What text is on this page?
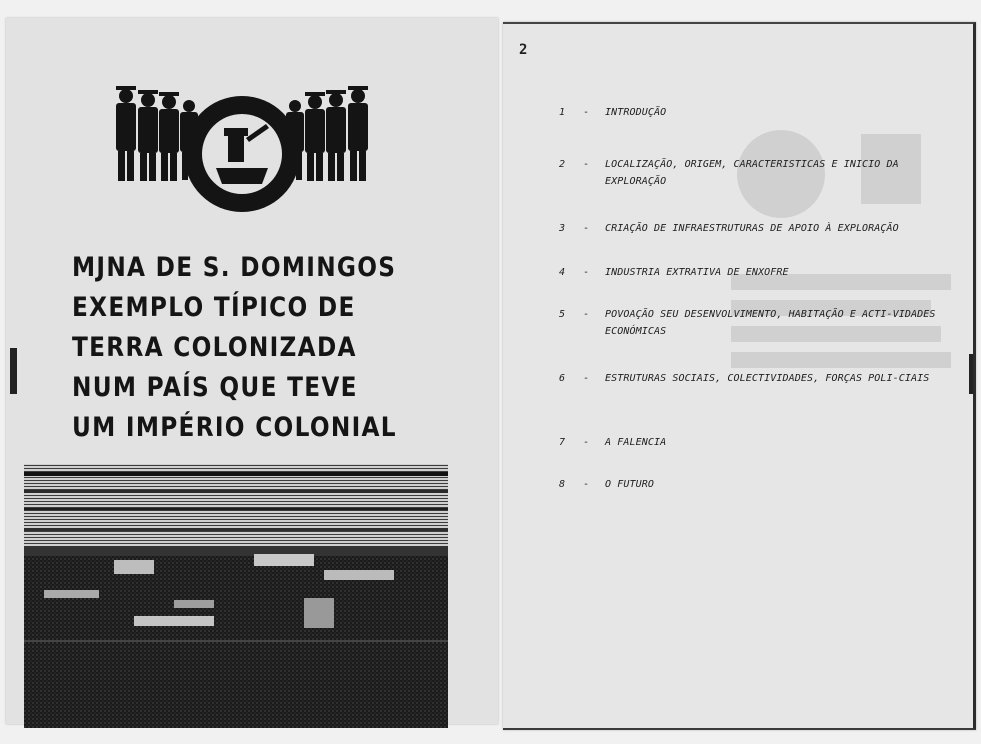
MJNA DE S. DOMINGOS
EXEMPLO TÍPICO DE
TERRA COLONIZADA
NUM PAÍS QUE TEVE
UM IMPÉRIO COLONIAL
2
1	- INTRODUÇÃO
2	- LOCALIZAÇÃO, ORIGEM, CARACTERISTICAS E INICIO DA EXPLORAÇÃO
3	- CRIAÇÃO DE INFRAESTRUTURAS DE APOIO À EXPLORAÇÃO
4	- INDUSTRIA EXTRATIVA DE ENXOFRE
5	- POVOAÇÃO SEU DESENVOLVIMENTO, HABITAÇÃO E ACTI-VIDADES ECONÓMICAS
6	- ESTRUTURAS SOCIAIS, COLECTIVIDADES, FORÇAS POLI-CIAIS
7	- A FALENCIA
8	- O FUTURO
